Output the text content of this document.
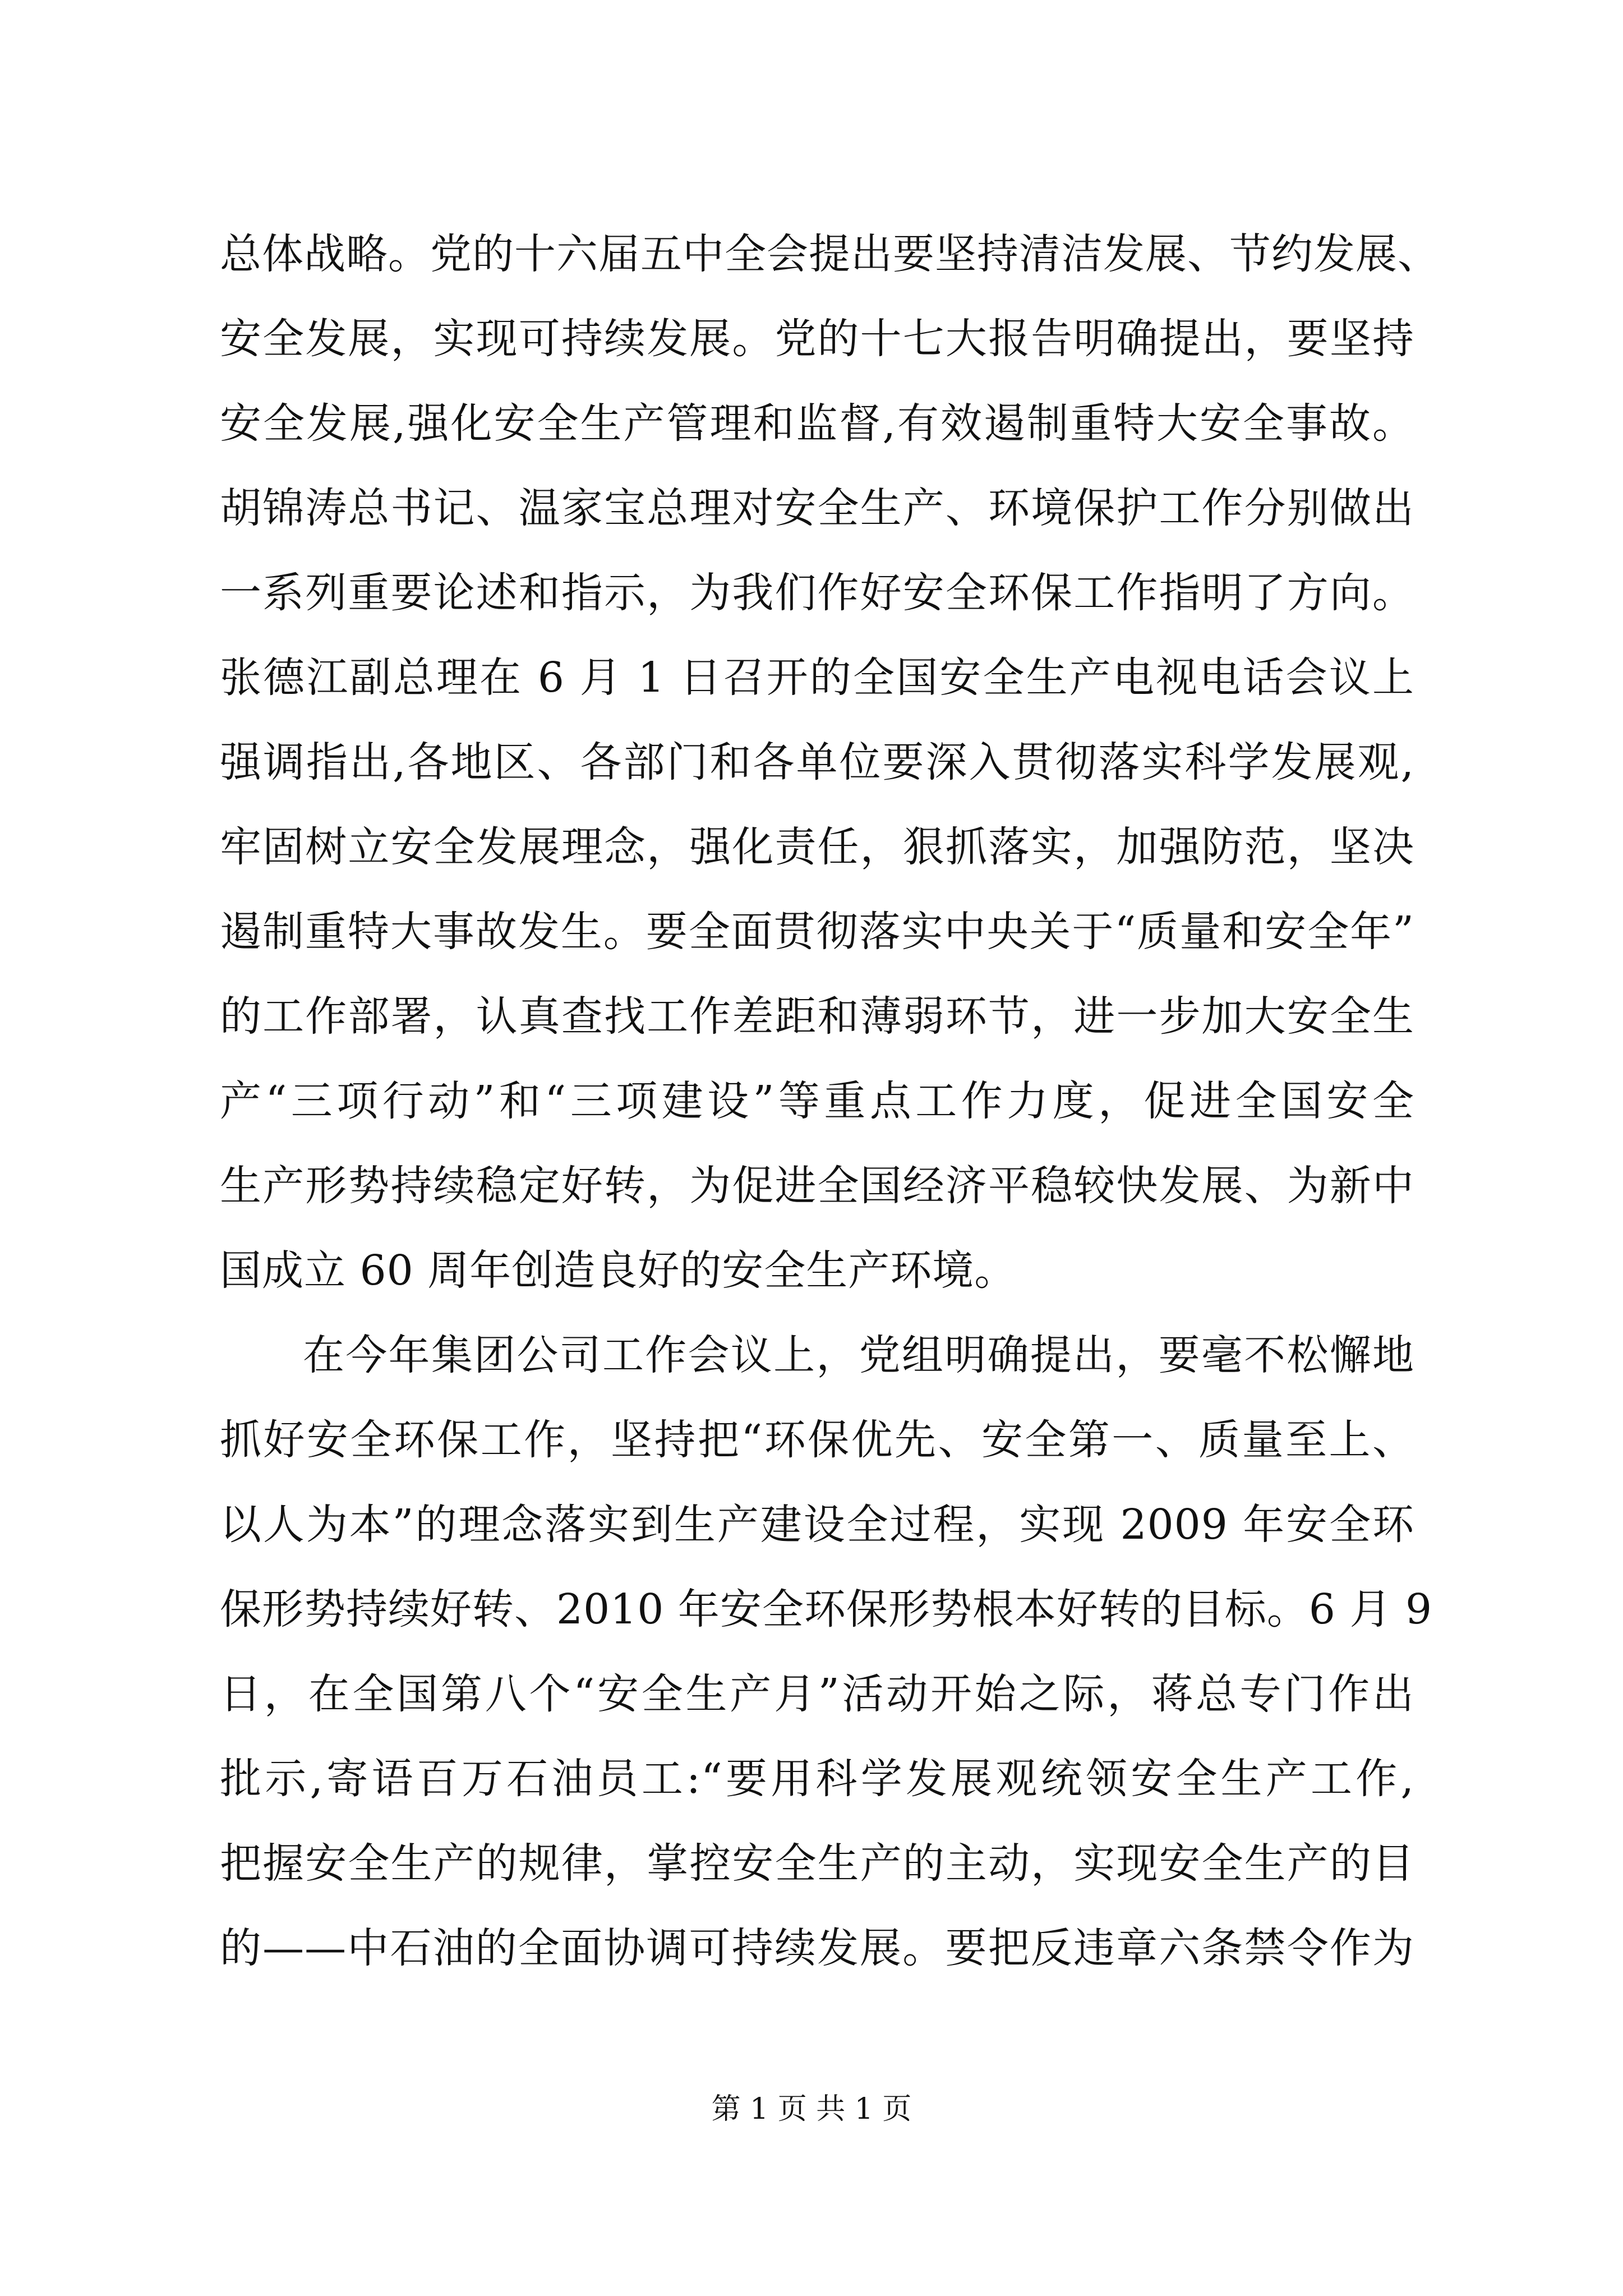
总体战略。党的十六届五中全会提出要坚持清洁发展、节约发展、
安全发展，实现可持续发展。党的十七大报告明确提出，要坚持
安全发展,强化安全生产管理和监督,有效遏制重特大安全事故。
胡锦涛总书记、温家宝总理对安全生产、环境保护工作分别做出
一系列重要论述和指示，为我们作好安全环保工作指明了方向。
张德江副总理在 6 月 1 日召开的全国安全生产电视电话会议上
强调指出,各地区、各部门和各单位要深入贯彻落实科学发展观,
牢固树立安全发展理念，强化责任，狠抓落实，加强防范，坚决
遏制重特大事故发生。要全面贯彻落实中央关于“质量和安全年”
的工作部署，认真查找工作差距和薄弱环节，进一步加大安全生
产“三项行动”和“三项建设”等重点工作力度，促进全国安全
生产形势持续稳定好转，为促进全国经济平稳较快发展、为新中
国成立 60 周年创造良好的安全生产环境。
在今年集团公司工作会议上，党组明确提出，要毫不松懈地
抓好安全环保工作，坚持把“环保优先、安全第一、质量至上、
以人为本”的理念落实到生产建设全过程，实现 2009 年安全环
保形势持续好转、2010 年安全环保形势根本好转的目标。6 月 9
日，在全国第八个“安全生产月”活动开始之际，蒋总专门作出
批示,寄语百万石油员工:“要用科学发展观统领安全生产工作,
把握安全生产的规律，掌控安全生产的主动，实现安全生产的目
的——中石油的全面协调可持续发展。要把反违章六条禁令作为
第 1 页 共 1 页
